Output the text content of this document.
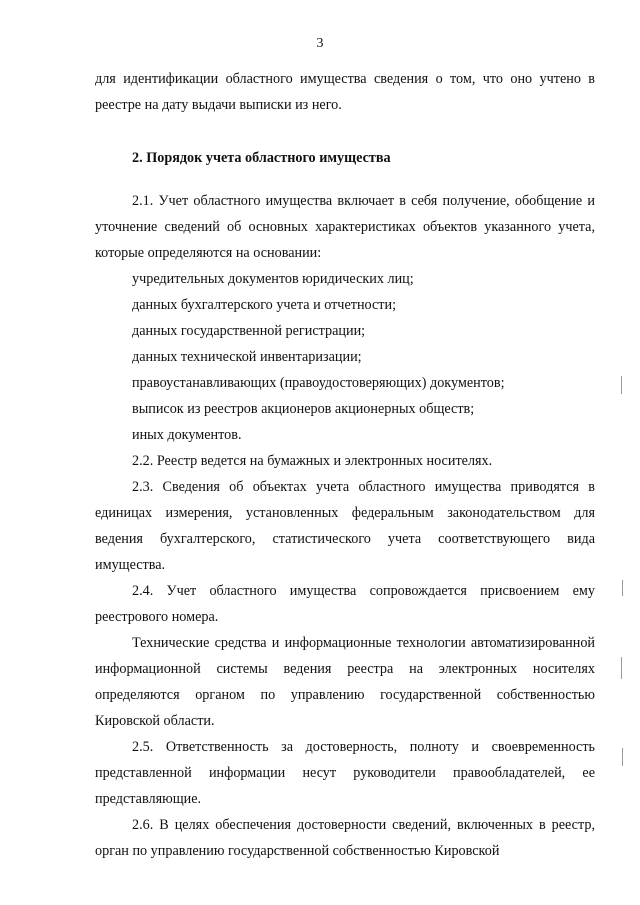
3

для идентификации областного имущества сведения о том, что оно учтено в реестре на дату выдачи выписки из него.

2. Порядок учета областного имущества

2.1. Учет областного имущества включает в себя получение, обобщение и уточнение сведений об основных характеристиках объектов указанного учета, которые определяются на основании:

учредительных документов юридических лиц;

данных бухгалтерского учета и отчетности;

данных государственной регистрации;

данных технической инвентаризации;

правоустанавливающих (правоудостоверяющих) документов;

выписок из реестров акционеров акционерных обществ;

иных документов.

2.2. Реестр ведется на бумажных и электронных носителях.

2.3. Сведения об объектах учета областного имущества приводятся в единицах измерения, установленных федеральным законодательством для ведения бухгалтерского, статистического учета соответствующего вида имущества.

2.4. Учет областного имущества сопровождается присвоением ему реестрового номера.

Технические средства и информационные технологии автоматизированной информационной системы ведения реестра на электронных носителях определяются органом по управлению государственной собственностью Кировской области.

2.5. Ответственность за достоверность, полноту и своевременность представленной информации несут руководители правообладателей, ее представляющие.

2.6. В целях обеспечения достоверности сведений, включенных в реестр, орган по управлению государственной собственностью Кировской
